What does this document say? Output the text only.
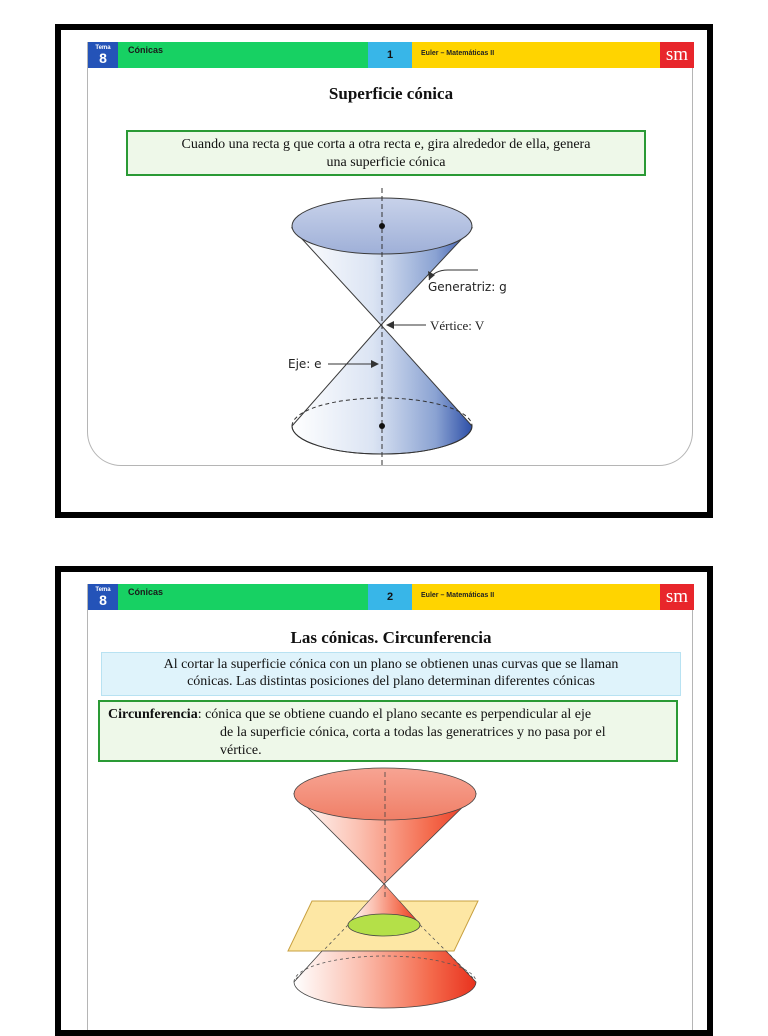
Tema
8	Cónicas	1	Euler – Matemáticas II	sm
Superficie cónica
Cuando una recta g que corta a otra recta e, gira alrededor de ella, genera
una superficie cónica
Generatriz: g
Vértice: V
Eje: e
Tema
8	Cónicas	2	Euler – Matemáticas II	sm
Las cónicas. Circunferencia
Al cortar la superficie cónica con un plano se obtienen unas curvas que se llaman
cónicas. Las distintas posiciones del plano determinan diferentes cónicas
Circunferencia: cónica que se obtiene cuando el plano secante es perpendicular al eje
de la superficie cónica, corta a todas las generatrices y no pasa por el
vértice.
